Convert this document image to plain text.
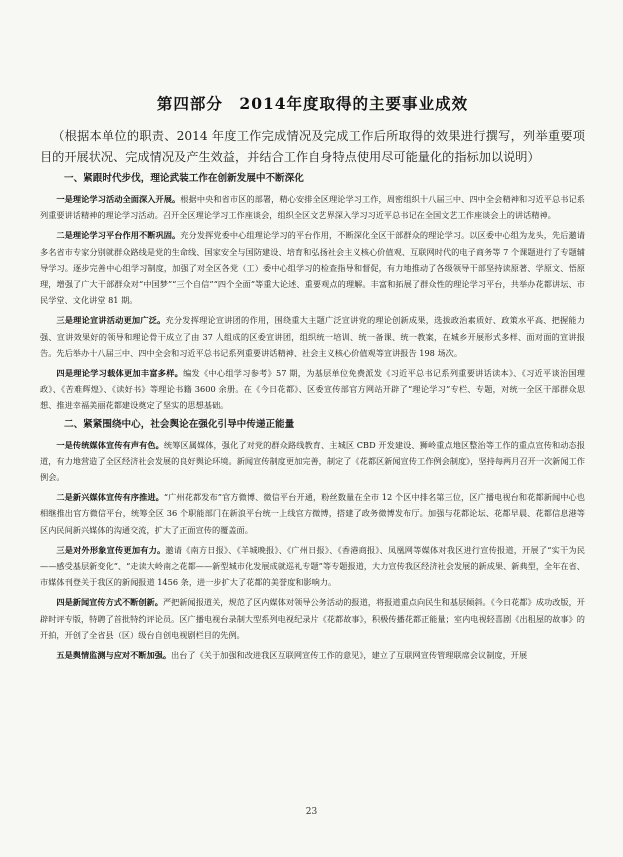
第四部分　2014年度取得的主要事业成效

（根据本单位的职责、2014 年度工作完成情况及完成工作后所取得的效果进行撰写，列举重要项目的开展状况、完成情况及产生效益，并结合工作自身特点使用尽可能量化的指标加以说明）

一、紧跟时代步伐，理论武装工作在创新发展中不断深化

一是理论学习活动全面深入开展。根据中央和省市区的部署，精心安排全区理论学习工作，周密组织十八届三中、四中全会精神和习近平总书记系列重要讲话精神的理论学习活动。召开全区理论学习工作座谈会，组织全区文艺界深入学习习近平总书记在全国文艺工作座谈会上的讲话精神。

二是理论学习平台作用不断巩固。充分发挥党委中心组理论学习的平台作用，不断深化全区干部群众的理论学习。以区委中心组为龙头，先后邀请多名省市专家分别就群众路线是党的生命线、国家安全与国防建设、培育和弘扬社会主义核心价值观、互联网时代的电子商务等 7 个课题进行了专题辅导学习。逐步完善中心组学习制度，加强了对全区各党（工）委中心组学习的检查指导和督促，有力地推动了各级领导干部坚持读原著、学原文、悟原理，增强了广大干部群众对“中国梦”“三个自信”“四个全面”等重大论述、重要观点的理解。丰富和拓展了群众性的理论学习平台，共举办花都讲坛、市民学堂、文化讲堂 81 期。

三是理论宣讲活动更加广泛。充分发挥理论宣讲团的作用，围绕重大主题广泛宣讲党的理论创新成果，选拔政治素质好、政策水平高、把握能力强、宣讲效果好的领导和理论骨干成立了由 37 人组成的区委宣讲团，组织统一培训、统一备课、统一教案，在城乡开展形式多样、面对面的宣讲报告。先后举办十八届三中、四中全会和习近平总书记系列重要讲话精神、社会主义核心价值观等宣讲报告 198 场次。

四是理论学习载体更加丰富多样。编发《中心组学习参考》57 期，为基层单位免费派发《习近平总书记系列重要讲话读本》、《习近平谈治国理政》、《苦难辉煌》、《读好书》等理论书籍 3600 余册。在《今日花都》、区委宣传部官方网站开辟了“理论学习”专栏、专题，对统一全区干部群众思想、推进幸福美丽花都建设奠定了坚实的思想基础。

二、紧紧围绕中心，社会舆论在强化引导中传递正能量

一是传统媒体宣传有声有色。统筹区属媒体，强化了对党的群众路线教育、主城区 CBD 开发建设、狮岭重点地区整治等工作的重点宣传和动态报道，有力地营造了全区经济社会发展的良好舆论环境。新闻宣传制度更加完善，制定了《花都区新闻宣传工作例会制度》，坚持每两月召开一次新闻工作例会。

二是新兴媒体宣传有序推进。“广州花都发布”官方微博、微信平台开通，粉丝数量在全市 12 个区中排名第三位，区广播电视台和花都新闻中心也相继推出官方微信平台，统筹全区 36 个职能部门在新浪平台统一上线官方微博，搭建了政务微博发布厅。加强与花都论坛、花都早晨、花都信息港等区内民间新兴媒体的沟通交流，扩大了正面宣传的覆盖面。

三是对外形象宣传更加有力。邀请《南方日报》、《羊城晚报》、《广州日报》、《香港商报》、凤凰网等媒体对我区进行宣传报道，开展了“实干为民——感受基层新变化”、“走读大岭南之花都——新型城市化发展成就巡礼专题”等专题报道，大力宣传我区经济社会发展的新成果、新典型，全年在省、市媒体刊登关于我区的新闻报道 1456 条，进一步扩大了花都的美誉度和影响力。

四是新闻宣传方式不断创新。严把新闻报道关，规范了区内媒体对领导公务活动的报道，将报道重点向民生和基层倾斜。《今日花都》成功改版，开辟时评专版，特聘了首批特约评论员。区广播电视台录制大型系列电视纪录片《花都故事》，积极传播花都正能量；室内电视轻喜剧《出租屋的故事》的开拍，开创了全省县（区）级台自创电视剧栏目的先例。

五是舆情监测与应对不断加强。出台了《关于加强和改进我区互联网宣传工作的意见》，建立了互联网宣传管理联席会议制度，开展

23
